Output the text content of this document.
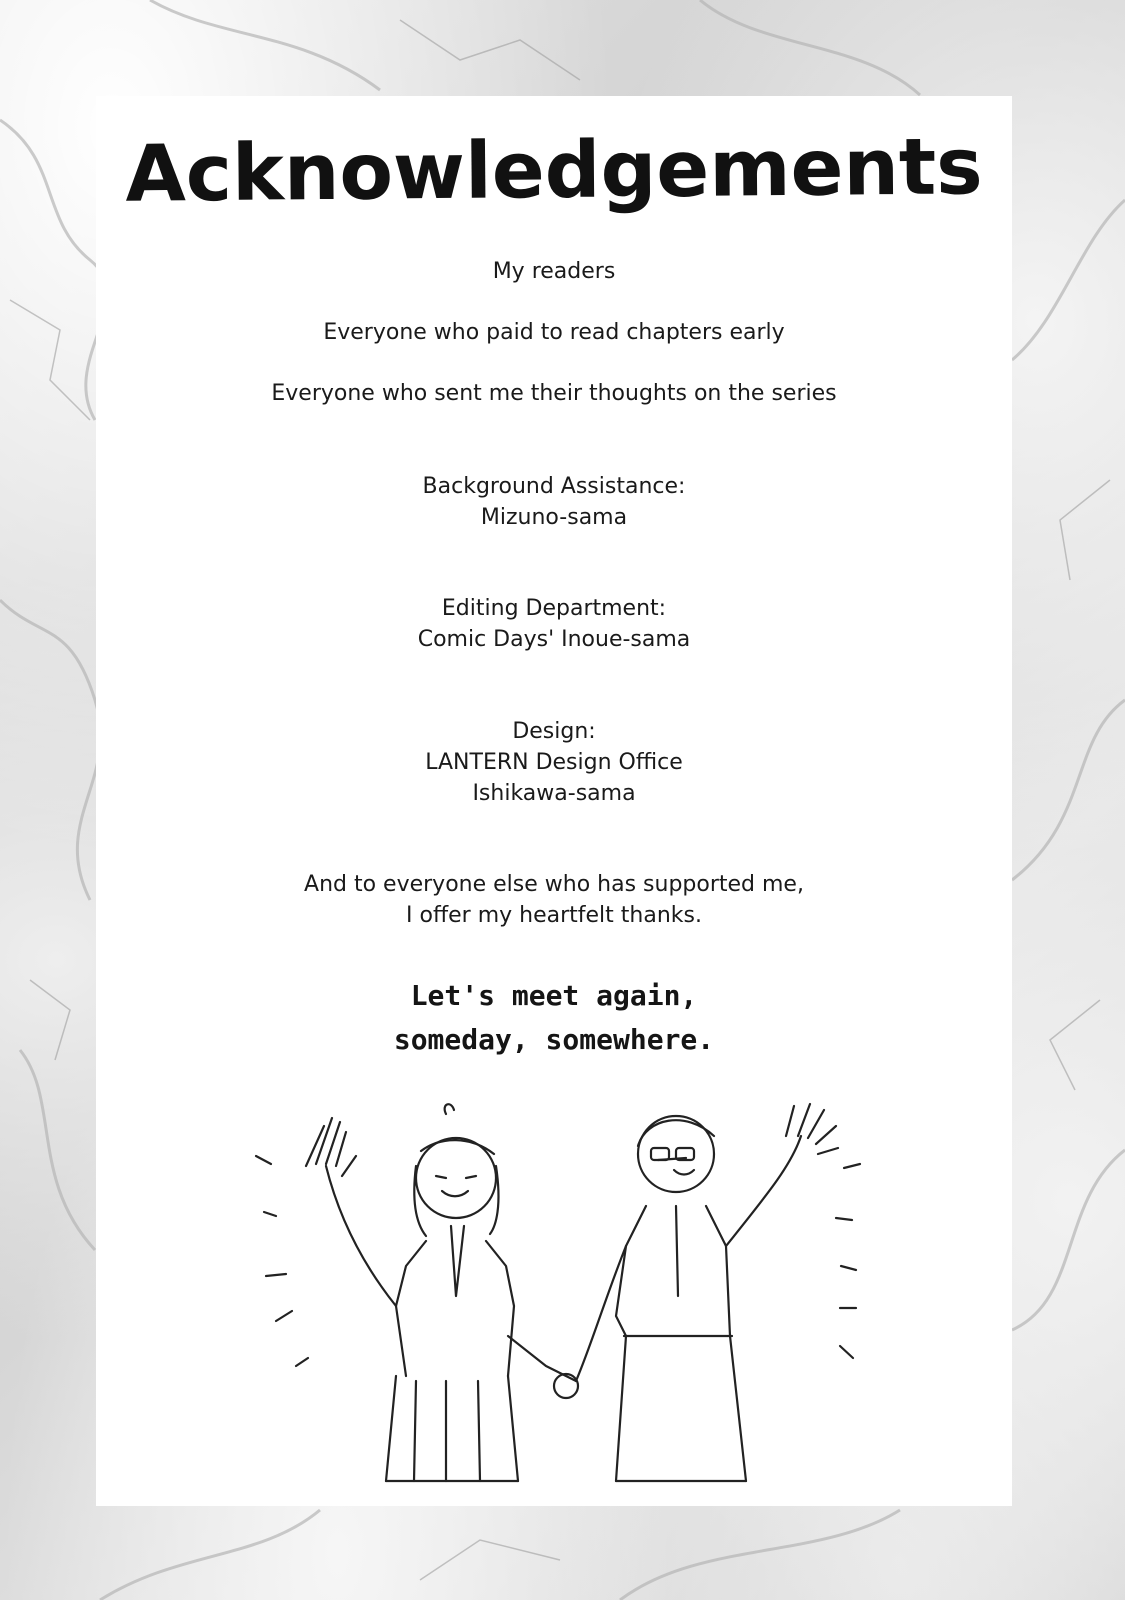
Acknowledgements
My readers
Everyone who paid to read chapters early
Everyone who sent me their thoughts on the series
Background Assistance:
Mizuno-sama
Editing Department:
Comic Days' Inoue-sama
Design:
LANTERN Design Office
Ishikawa-sama
And to everyone else who has supported me,
I offer my heartfelt thanks.
Let's meet again,
someday, somewhere.
